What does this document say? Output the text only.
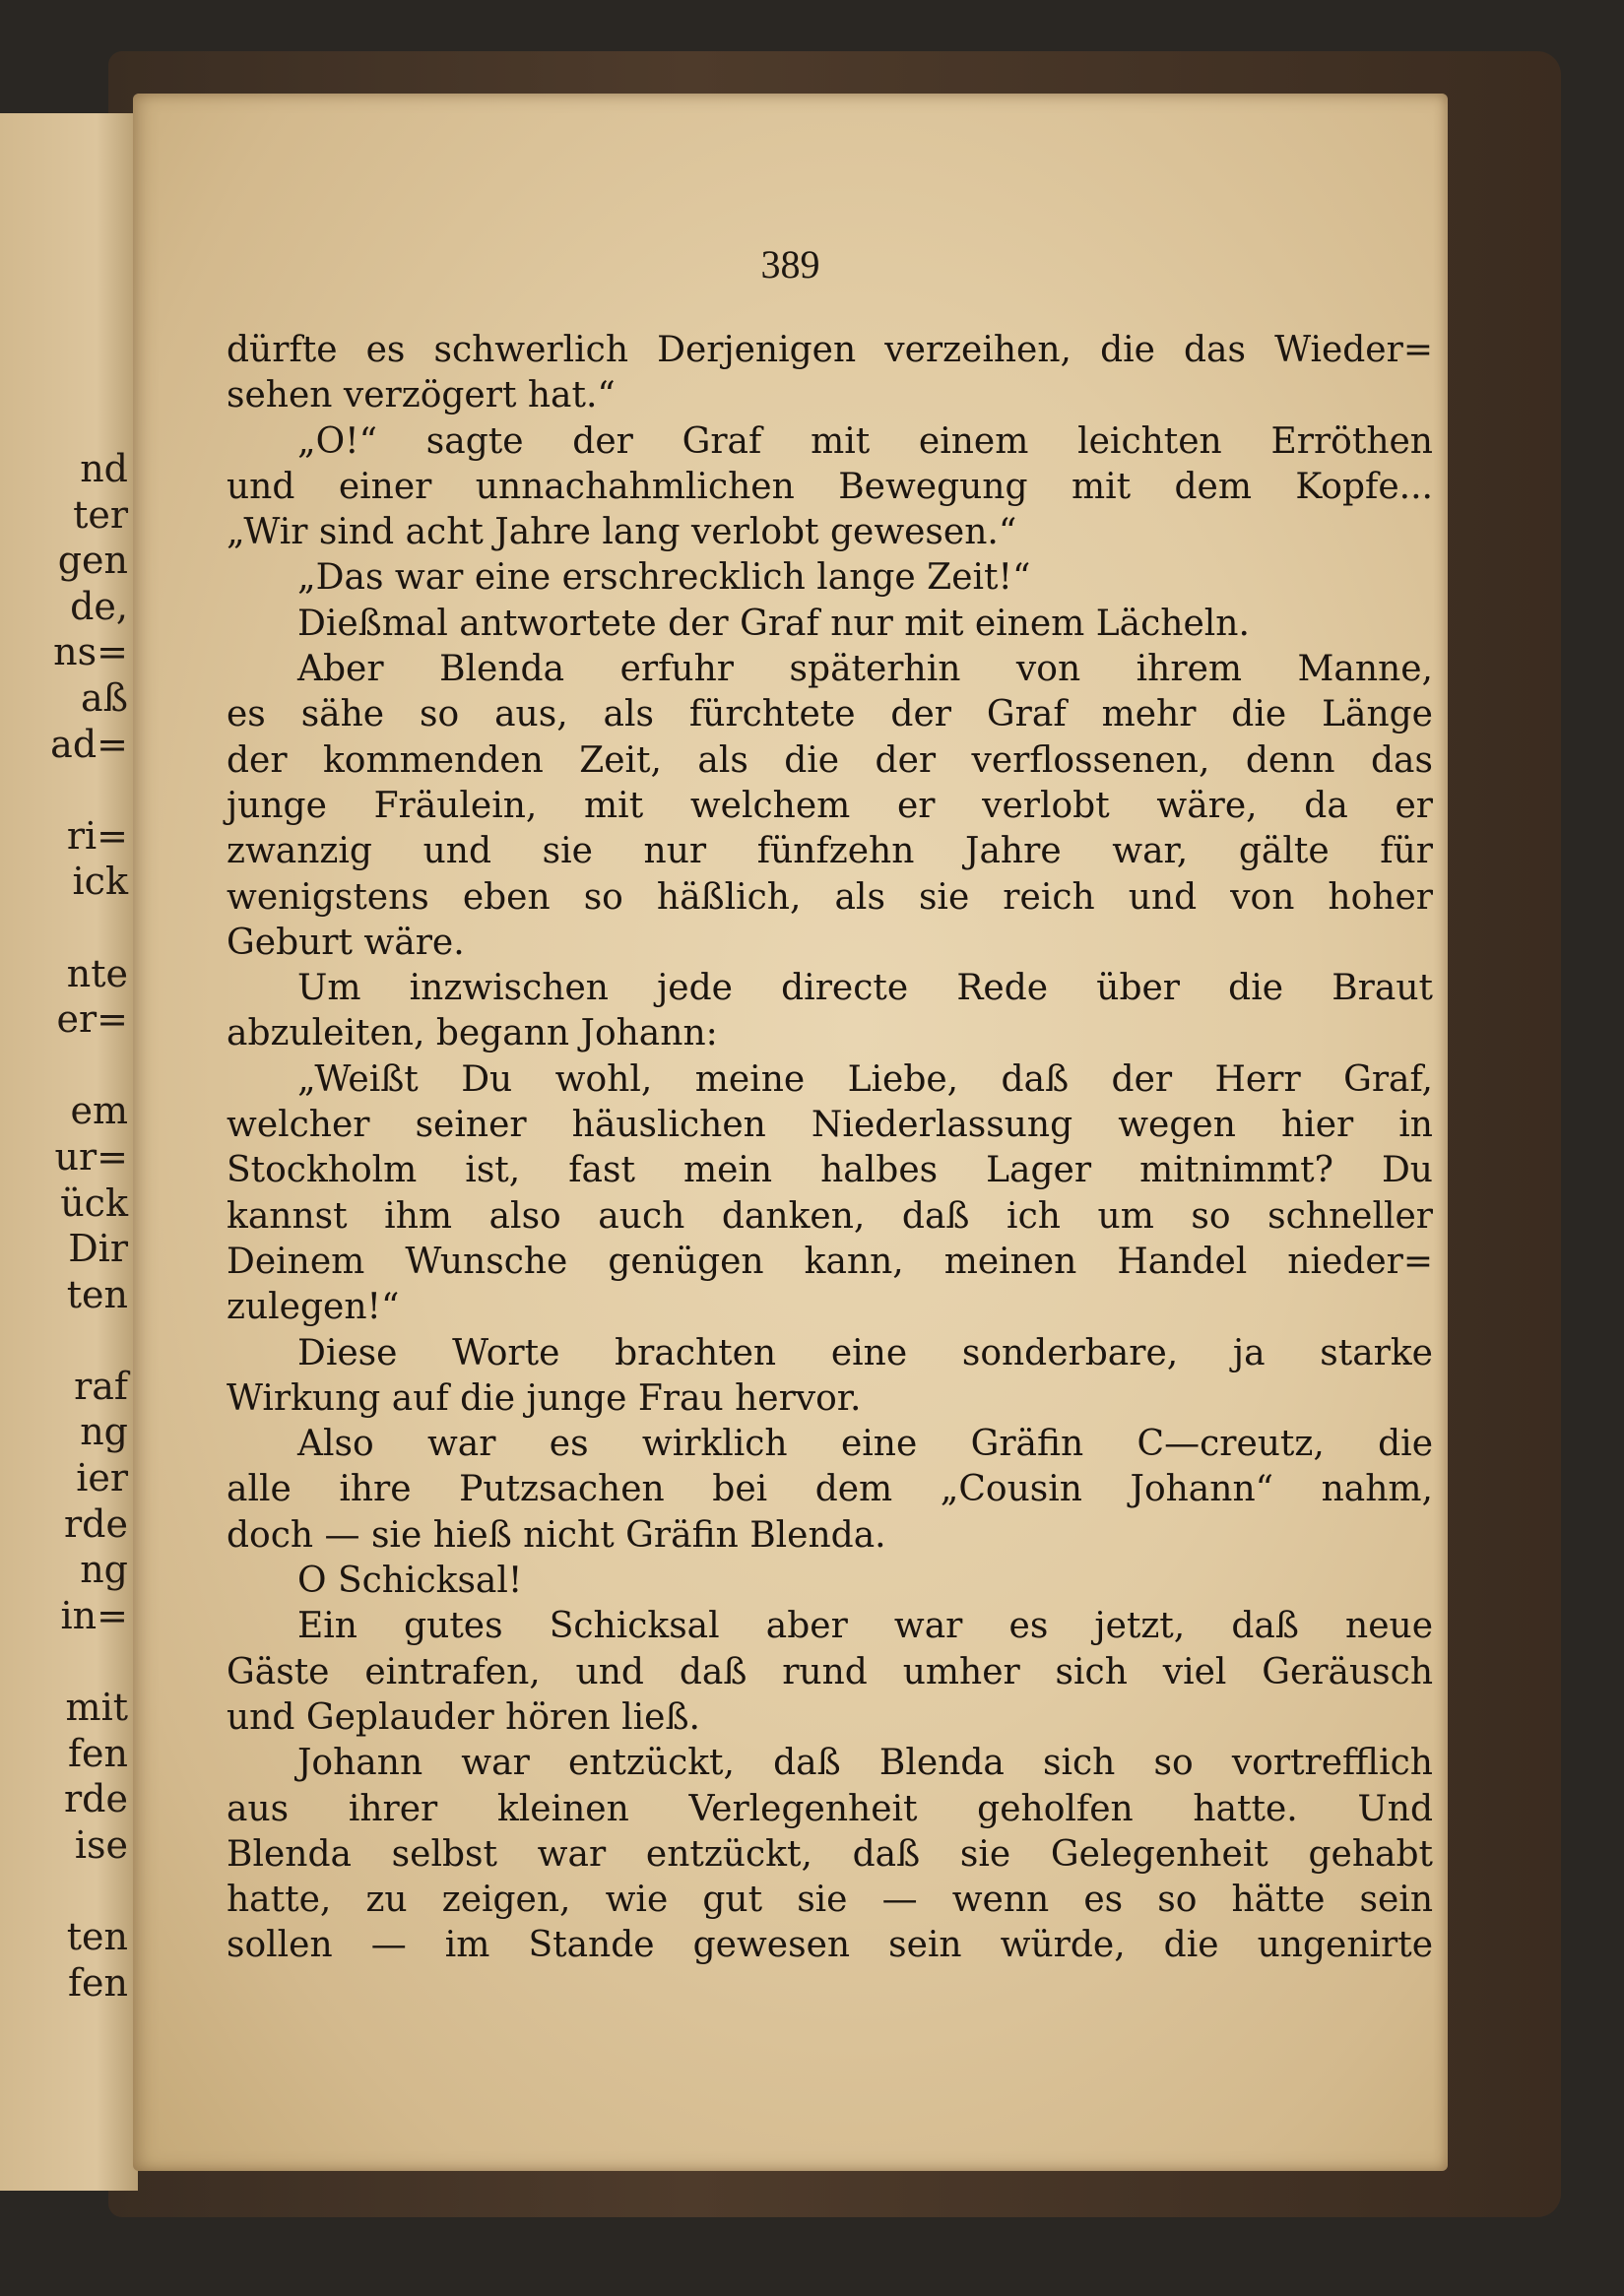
nd
ter
gen
de,
ns=
aß
ad=
ri=
ick
nte
er=
em
ur=
ück
Dir
ten
raf
ng
ier
rde
ng
in=
mit
fen
rde
ise
ten
fen
389
dürfte es schwerlich Derjenigen verzeihen, die das Wieder=
sehen verzögert hat.“
„O!“ sagte der Graf mit einem leichten Erröthen
und einer unnachahmlichen Bewegung mit dem Kopfe...
„Wir sind acht Jahre lang verlobt gewesen.“
„Das war eine erschrecklich lange Zeit!“
Dießmal antwortete der Graf nur mit einem Lächeln.
Aber Blenda erfuhr späterhin von ihrem Manne,
es sähe so aus, als fürchtete der Graf mehr die Länge
der kommenden Zeit, als die der verflossenen, denn das
junge Fräulein, mit welchem er verlobt wäre, da er
zwanzig und sie nur fünfzehn Jahre war, gälte für
wenigstens eben so häßlich, als sie reich und von hoher
Geburt wäre.
Um inzwischen jede directe Rede über die Braut
abzuleiten, begann Johann:
„Weißt Du wohl, meine Liebe, daß der Herr Graf,
welcher seiner häuslichen Niederlassung wegen hier in
Stockholm ist, fast mein halbes Lager mitnimmt? Du
kannst ihm also auch danken, daß ich um so schneller
Deinem Wunsche genügen kann, meinen Handel nieder=
zulegen!“
Diese Worte brachten eine sonderbare, ja starke
Wirkung auf die junge Frau hervor.
Also war es wirklich eine Gräfin C—creutz, die
alle ihre Putzsachen bei dem „Cousin Johann“ nahm,
doch — sie hieß nicht Gräfin Blenda.
O Schicksal!
Ein gutes Schicksal aber war es jetzt, daß neue
Gäste eintrafen, und daß rund umher sich viel Geräusch
und Geplauder hören ließ.
Johann war entzückt, daß Blenda sich so vortrefflich
aus ihrer kleinen Verlegenheit geholfen hatte. Und
Blenda selbst war entzückt, daß sie Gelegenheit gehabt
hatte, zu zeigen, wie gut sie — wenn es so hätte sein
sollen — im Stande gewesen sein würde, die ungenirte
